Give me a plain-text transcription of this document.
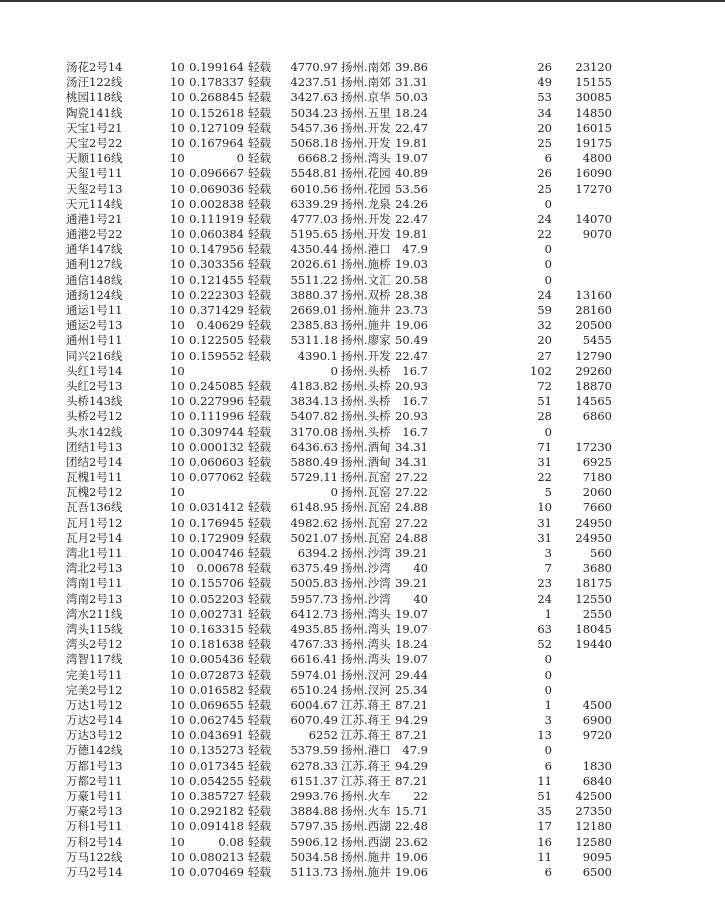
汤花2号14	10 0.199164 轻载	4770.97 扬州.南郊 39.86	26	23120
汤汪122线	10 0.178337 轻载	4237.51 扬州.南郊 31.31	49	15155
桃园118线	10 0.268845 轻载	3427.63 扬州.京华 50.03	53	30085
陶瓷141线	10 0.152618 轻载	5034.23 扬州.五里 18.24	34	14850
天宝1号21	10 0.127109 轻载	5457.36 扬州.开发 22.47	20	16015
天宝2号22	10 0.167964 轻载	5068.18 扬州.开发 19.81	25	19175
天顺116线	10	0 轻载	6668.2 扬州.湾头 19.07	6	4800
天玺1号11	10 0.096667 轻载	5548.81 扬州.花园 40.89	26	16090
天玺2号13	10 0.069036 轻载	6010.56 扬州.花园 53.56	25	17270
天元114线	10 0.002838 轻载	6339.29 扬州.龙泉 24.26	0
通港1号21	10 0.111919 轻载	4777.03 扬州.开发 22.47	24	14070
通港2号22	10 0.060384 轻载	5195.65 扬州.开发 19.81	22	9070
通华147线	10 0.147956 轻载	4350.44 扬州.港口	47.9	0
通利127线	10 0.303356 轻载	2026.61 扬州.施桥 19.03	0
通信148线	10 0.121455 轻载	5511.22 扬州.文汇 20.58	0
通扬124线	10 0.222303 轻载	3880.37 扬州.双桥 28.38	24	13160
通运1号11	10 0.371429 轻载	2669.01 扬州.施井 23.73	59	28160
通运2号13	10	0.40629 轻载	2385.83 扬州.施井 19.06	32	20500
通州1号11	10 0.122505 轻载	5311.18 扬州.廖家 50.49	20	5455
同兴216线	10 0.159552 轻载	4390.1 扬州.开发 22.47	27	12790
头红1号14	10	0 扬州.头桥	16.7	102	29260
头红2号13	10 0.245085 轻载	4183.82 扬州.头桥 20.93	72	18870
头桥143线	10 0.227996 轻载	3834.13 扬州.头桥	16.7	51	14565
头桥2号12	10 0.111996 轻载	5407.82 扬州.头桥 20.93	28	6860
头水142线	10 0.309744 轻载	3170.08 扬州.头桥	16.7	0
团结1号13	10 0.000132 轻载	6436.63 扬州.酒甸 34.31	71	17230
团结2号14	10 0.060603 轻载	5880.49 扬州.酒甸 34.31	31	6925
瓦槐1号11	10 0.077062 轻载	5729.11 扬州.瓦窑 27.22	22	7180
瓦槐2号12	10	0 扬州.瓦窑 27.22	5	2060
瓦吾136线	10 0.031412 轻载	6148.95 扬州.瓦窑 24.88	10	7660
瓦月1号12	10 0.176945 轻载	4982.62 扬州.瓦窑 27.22	31	24950
瓦月2号14	10 0.172909 轻载	5021.07 扬州.瓦窑 24.88	31	24950
湾北1号11	10 0.004746 轻载	6394.2 扬州.沙湾 39.21	3	560
湾北2号13	10	0.00678 轻载	6375.49 扬州.沙湾	40	7	3680
湾南1号11	10 0.155706 轻载	5005.83 扬州.沙湾 39.21	23	18175
湾南2号13	10 0.052203 轻载	5957.73 扬州.沙湾	40	24	12550
湾水211线	10 0.002731 轻载	6412.73 扬州.湾头 19.07	1	2550
湾头115线	10 0.163315 轻载	4935.85 扬州.湾头 19.07	63	18045
湾头2号12	10 0.181638 轻载	4767.33 扬州.湾头 18.24	52	19440
湾智117线	10 0.005436 轻载	6616.41 扬州.湾头 19.07	0
完美1号11	10 0.072873 轻载	5974.01 扬州.汊河 29.44	0
完美2号12	10 0.016582 轻载	6510.24 扬州.汊河 25.34	0
万达1号12	10 0.069655 轻载	6004.67 江苏.蒋王 87.21	1	4500
万达2号14	10 0.062745 轻载	6070.49 江苏.蒋王 94.29	3	6900
万达3号12	10 0.043691 轻载	6252 江苏.蒋王 87.21	13	9720
万德142线	10 0.135273 轻载	5379.59 扬州.港口	47.9	0
万都1号13	10 0.017345 轻载	6278.33 江苏.蒋王 94.29	6	1830
万都2号11	10 0.054255 轻载	6151.37 江苏.蒋王 87.21	11	6840
万豪1号11	10 0.385727 轻载	2993.76 扬州.火车	22	51	42500
万豪2号13	10 0.292182 轻载	3884.88 扬州.火车 15.71	35	27350
万科1号11	10 0.091418 轻载	5797.35 扬州.西湖 22.48	17	12180
万科2号14	10	0.08 轻载	5906.12 扬州.西湖 23.62	16	12580
万马122线	10 0.080213 轻载	5034.58 扬州.施井 19.06	11	9095
万马2号14	10 0.070469 轻载	5113.73 扬州.施井 19.06	6	6500
